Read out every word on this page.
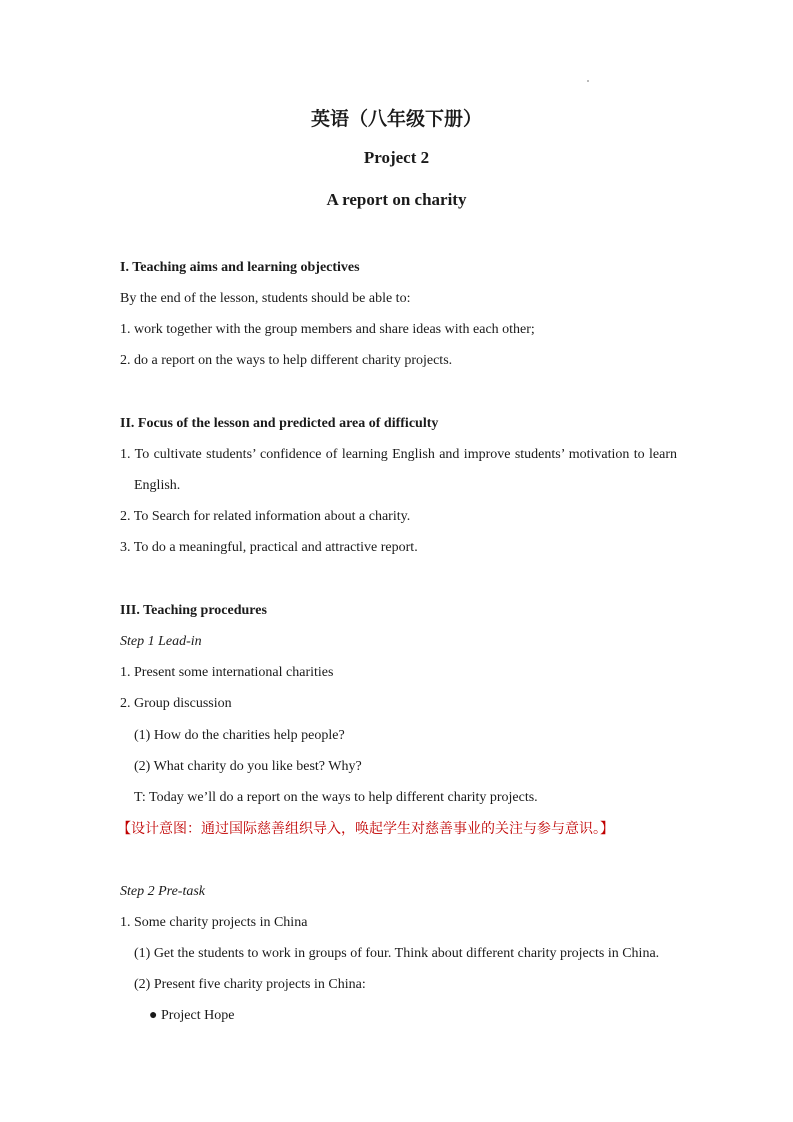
英语（八年级下册）
Project 2
A report on charity
I. Teaching aims and learning objectives
By the end of the lesson, students should be able to:
1. work together with the group members and share ideas with each other;
2. do a report on the ways to help different charity projects.
II. Focus of the lesson and predicted area of difficulty
1. To cultivate students’ confidence of learning English and improve students’ motivation to learn
English.
2. To Search for related information about a charity.
3. To do a meaningful, practical and attractive report.
III. Teaching procedures
Step 1 Lead-in
1. Present some international charities
2. Group discussion
(1) How do the charities help people?
(2) What charity do you like best? Why?
T: Today we’ll do a report on the ways to help different charity projects.
【设计意图：通过国际慈善组织导入，唤起学生对慈善事业的关注与参与意识。】
Step 2 Pre-task
1. Some charity projects in China
(1) Get the students to work in groups of four. Think about different charity projects in China.
(2) Present five charity projects in China:
● Project Hope
